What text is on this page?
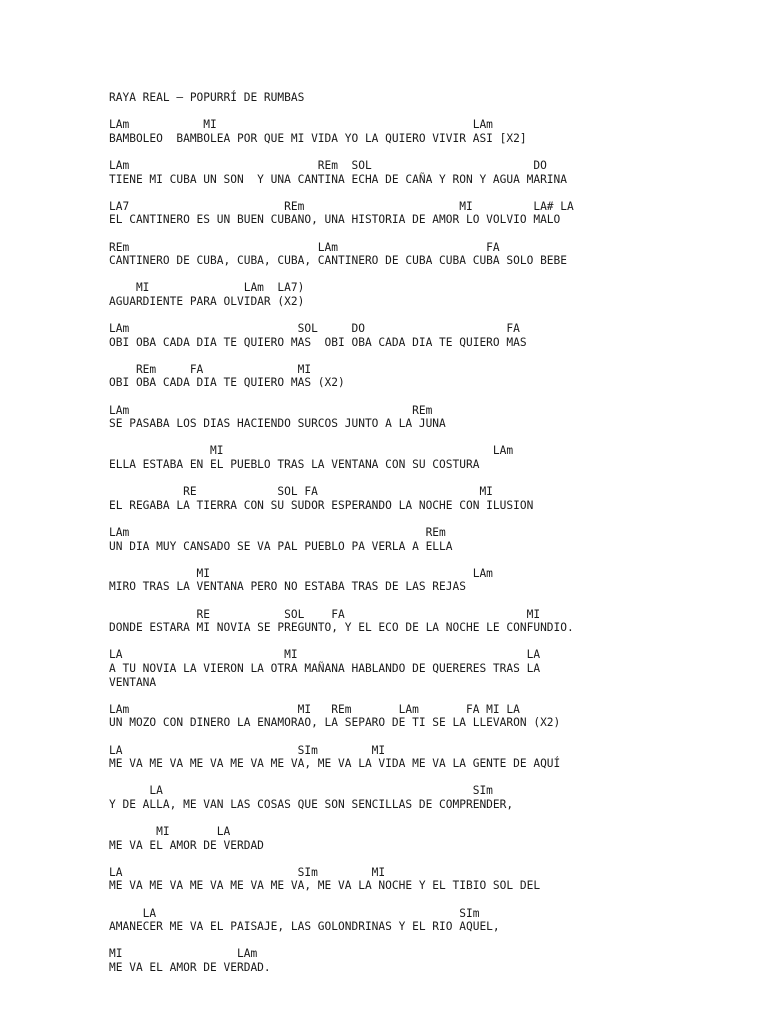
RAYA REAL – POPURRÍ DE RUMBAS
LAm           MI                                      LAm
BAMBOLEO  BAMBOLEA POR QUE MI VIDA YO LA QUIERO VIVIR ASI [X2]
LAm                            REm  SOL                        DO
TIENE MI CUBA UN SON  Y UNA CANTINA ECHA DE CAÑA Y RON Y AGUA MARINA
LA7                       REm                       MI         LA# LA
EL CANTINERO ES UN BUEN CUBANO, UNA HISTORIA DE AMOR LO VOLVIO MALO
REm                            LAm                      FA
CANTINERO DE CUBA, CUBA, CUBA, CANTINERO DE CUBA CUBA CUBA SOLO BEBE
MI              LAm  LA7)
AGUARDIENTE PARA OLVIDAR (X2)
LAm                         SOL     DO                     FA
OBI OBA CADA DIA TE QUIERO MAS  OBI OBA CADA DIA TE QUIERO MAS
REm     FA              MI
OBI OBA CADA DIA TE QUIERO MAS (X2)
LAm                                          REm
SE PASABA LOS DIAS HACIENDO SURCOS JUNTO A LA JUNA
MI                                        LAm
ELLA ESTABA EN EL PUEBLO TRAS LA VENTANA CON SU COSTURA
RE            SOL FA                        MI
EL REGABA LA TIERRA CON SU SUDOR ESPERANDO LA NOCHE CON ILUSION
LAm                                            REm
UN DIA MUY CANSADO SE VA PAL PUEBLO PA VERLA A ELLA
MI                                       LAm
MIRO TRAS LA VENTANA PERO NO ESTABA TRAS DE LAS REJAS
RE           SOL    FA                           MI
DONDE ESTARA MI NOVIA SE PREGUNTO, Y EL ECO DE LA NOCHE LE CONFUNDIO.
LA                        MI                                  LA
A TU NOVIA LA VIERON LA OTRA MAÑANA HABLANDO DE QUERERES TRAS LA
VENTANA
LAm                         MI   REm       LAm       FA MI LA
UN MOZO CON DINERO LA ENAMORAO, LA SEPARO DE TI SE LA LLEVARON (X2)
LA                          SIm        MI
ME VA ME VA ME VA ME VA ME VA, ME VA LA VIDA ME VA LA GENTE DE AQUÍ
LA                                              SIm
Y DE ALLA, ME VAN LAS COSAS QUE SON SENCILLAS DE COMPRENDER,
MI       LA
ME VA EL AMOR DE VERDAD
LA                          SIm        MI
ME VA ME VA ME VA ME VA ME VA, ME VA LA NOCHE Y EL TIBIO SOL DEL
LA                                             SIm
AMANECER ME VA EL PAISAJE, LAS GOLONDRINAS Y EL RIO AQUEL,
MI                 LAm
ME VA EL AMOR DE VERDAD.
